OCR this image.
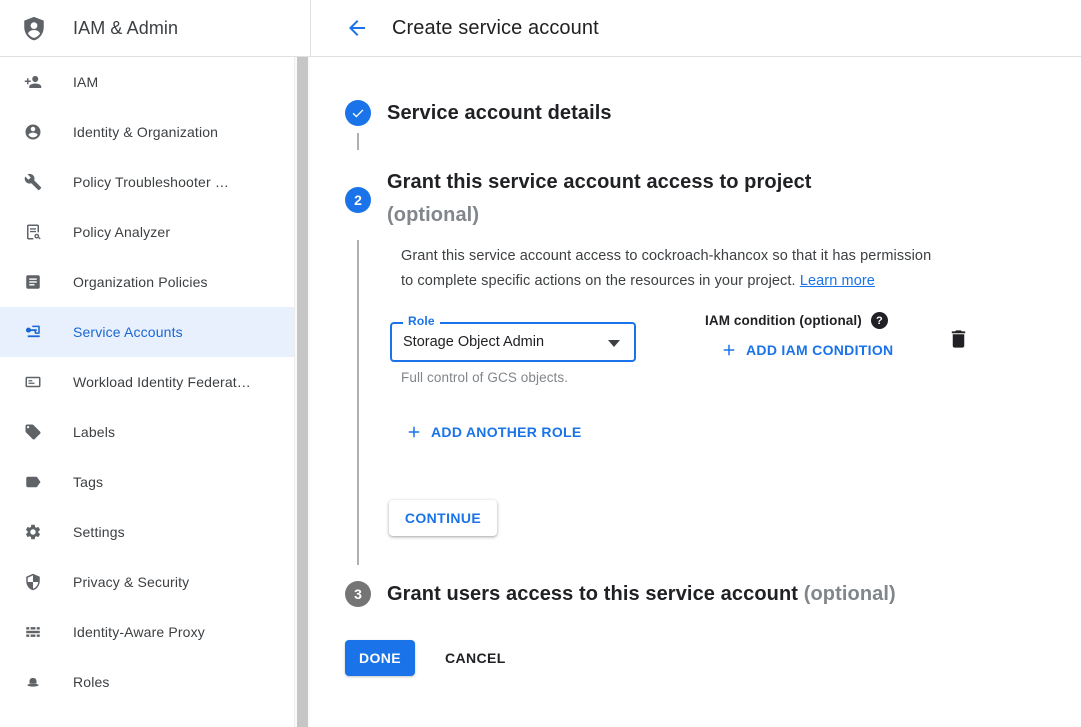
IAM & Admin
IAM
Identity & Organization
Policy Troubleshooter …
Policy Analyzer
Organization Policies
Service Accounts
Workload Identity Federat…
Labels
Tags
Settings
Privacy & Security
Identity-Aware Proxy
Roles
Create service account
Service account details
2
Grant this service account access to project
(optional)
Grant this service account access to cockroach-khancox so that it has permission
to complete specific actions on the resources in your project. Learn more
Role
Storage Object Admin
Full control of GCS objects.
IAM condition (optional) ?
ADD IAM CONDITION
ADD ANOTHER ROLE
CONTINUE
3 Grant users access to this service account (optional)
DONE	CANCEL
